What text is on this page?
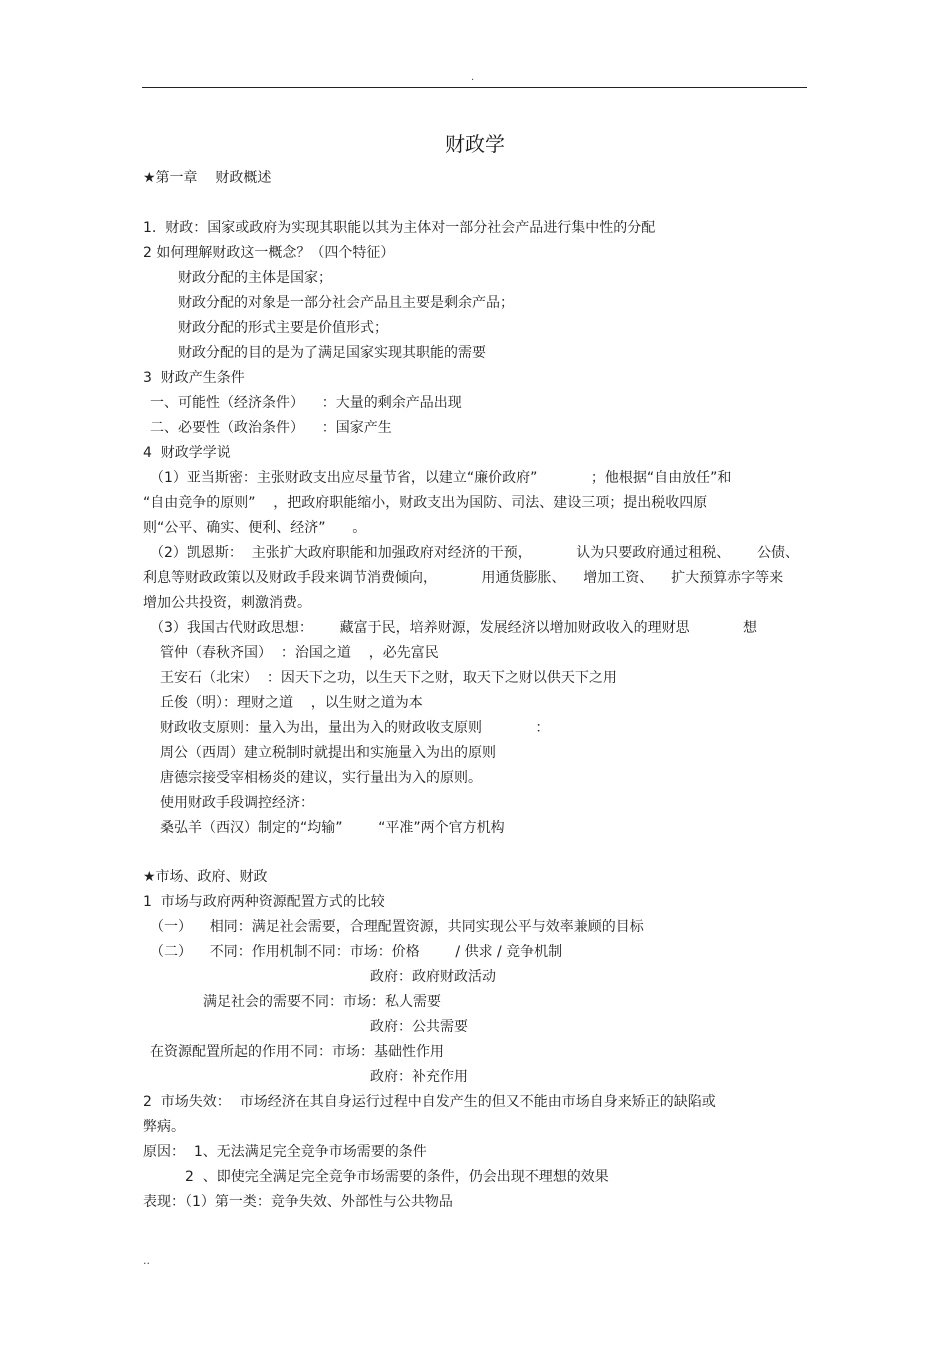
.
财政学
★第一章    财政概述
1.  财政：国家或政府为实现其职能以其为主体对一部分社会产品进行集中性的分配
2 如何理解财政这一概念？（四个特征）
财政分配的主体是国家；
财政分配的对象是一部分社会产品且主要是剩余产品；
财政分配的形式主要是价值形式；
财政分配的目的是为了满足国家实现其职能的需要
3  财政产生条件
一、可能性（经济条件）    ：大量的剩余产品出现
二、必要性（政治条件）    ：国家产生
4  财政学学说
（1）亚当斯密：主张财政支出应尽量节省，以建立“廉价政府”            ；他根据“自由放任”和
“自由竞争的原则”    ，把政府职能缩小，财政支出为国防、司法、建设三项；提出税收四原
则“公平、确实、便利、经济”      。
（2）凯恩斯：  主张扩大政府职能和加强政府对经济的干预，          认为只要政府通过租税、      公债、
利息等财政政策以及财政手段来调节消费倾向，          用通货膨胀、    增加工资、    扩大预算赤字等来
增加公共投资，刺激消费。
（3）我国古代财政思想：      藏富于民，培养财源，发展经济以增加财政收入的理财思            想
管仲（春秋齐国）  ：治国之道    ，必先富民
王安石（北宋）  ：因天下之功，以生天下之财，取天下之财以供天下之用
丘俊（明）：理财之道    ，以生财之道为本
财政收支原则：量入为出，量出为入的财政收支原则            ：
周公（西周）建立税制时就提出和实施量入为出的原则
唐德宗接受宰相杨炎的建议，实行量出为入的原则。
使用财政手段调控经济：
桑弘羊（西汉）制定的“均输”        “平准”两个官方机构
★市场、政府、财政
1  市场与政府两种资源配置方式的比较
（一）    相同：满足社会需要，合理配置资源，共同实现公平与效率兼顾的目标
（二）    不同：作用机制不同：市场：价格        / 供求 / 竞争机制
政府：政府财政活动
满足社会的需要不同：市场：私人需要
政府：公共需要
在资源配置所起的作用不同：市场：基础性作用
政府：补充作用
2  市场失效：  市场经济在其自身运行过程中自发产生的但又不能由市场自身来矫正的缺陷或
弊病。
原因：  1、无法满足完全竞争市场需要的条件
2  、即使完全满足完全竞争市场需要的条件，仍会出现不理想的效果
表现：（1）第一类：竞争失效、外部性与公共物品
..
